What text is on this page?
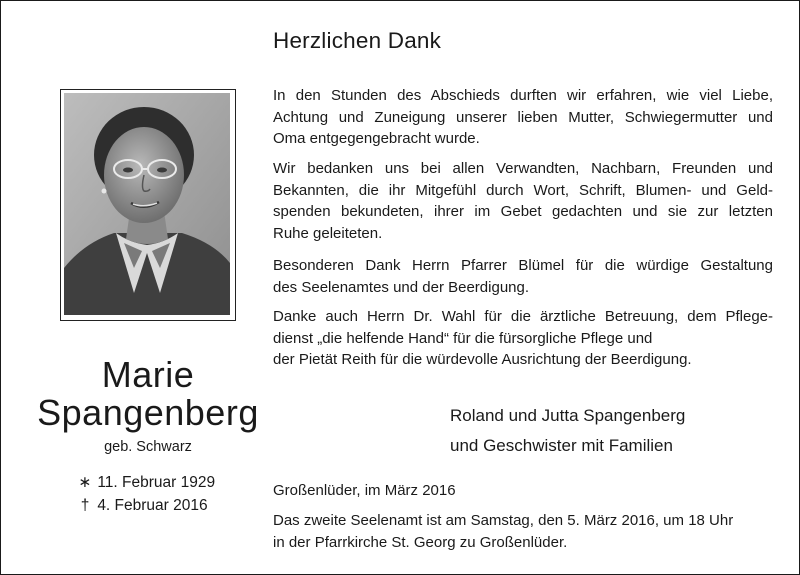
Marie
Spangenberg
geb. Schwarz
∗ 11. Februar 1929
† 4. Februar 2016
Herzlichen Dank

In den Stunden des Abschieds durften wir erfahren, wie viel Liebe,
Achtung und Zuneigung unserer lieben Mutter, Schwiegermutter und
Oma entgegengebracht wurde.

Wir bedanken uns bei allen Verwandten, Nachbarn, Freunden und
Bekannten, die ihr Mitgefühl durch Wort, Schrift, Blumen- und Geld-
spenden bekundeten, ihrer im Gebet gedachten und sie zur letzten
Ruhe geleiteten.

Besonderen Dank Herrn Pfarrer Blümel für die würdige Gestaltung
des Seelenamtes und der Beerdigung.

Danke auch Herrn Dr. Wahl für die ärztliche Betreuung, dem Pflege-
dienst „die helfende Hand“ für die fürsorgliche Pflege und
der Pietät Reith für die würdevolle Ausrichtung der Beerdigung.

Roland und Jutta Spangenberg
und Geschwister mit Familien
Großenlüder, im März 2016
Das zweite Seelenamt ist am Samstag, den 5. März 2016, um 18 Uhr
in der Pfarrkirche St. Georg zu Großenlüder.
